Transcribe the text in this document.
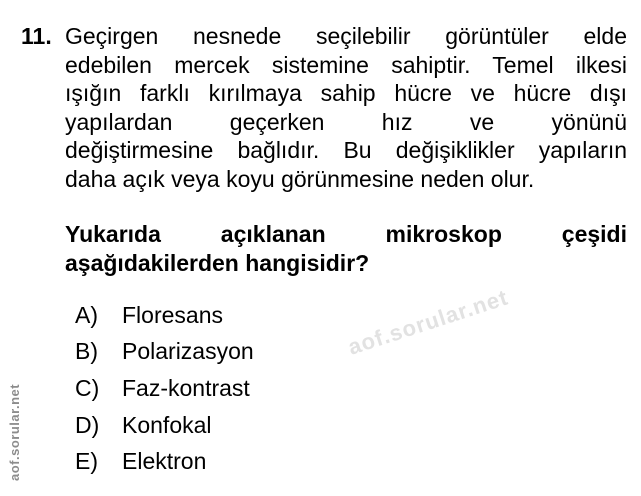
11. Geçirgen nesnede seçilebilir görüntüler elde
edebilen mercek sistemine sahiptir. Temel ilkesi
ışığın farklı kırılmaya sahip hücre ve hücre dışı
yapılardan geçerken hız ve yönünü
değiştirmesine bağlıdır. Bu değişiklikler yapıların
daha açık veya koyu görünmesine neden olur.
Yukarıda açıklanan mikroskop çeşidi
aşağıdakilerden hangisidir?
A)	Floresans
B)	Polarizasyon
C) Faz-kontrast
D) Konfokal
E)	Elektron
aof.sorular.net
aof.sorular.net
